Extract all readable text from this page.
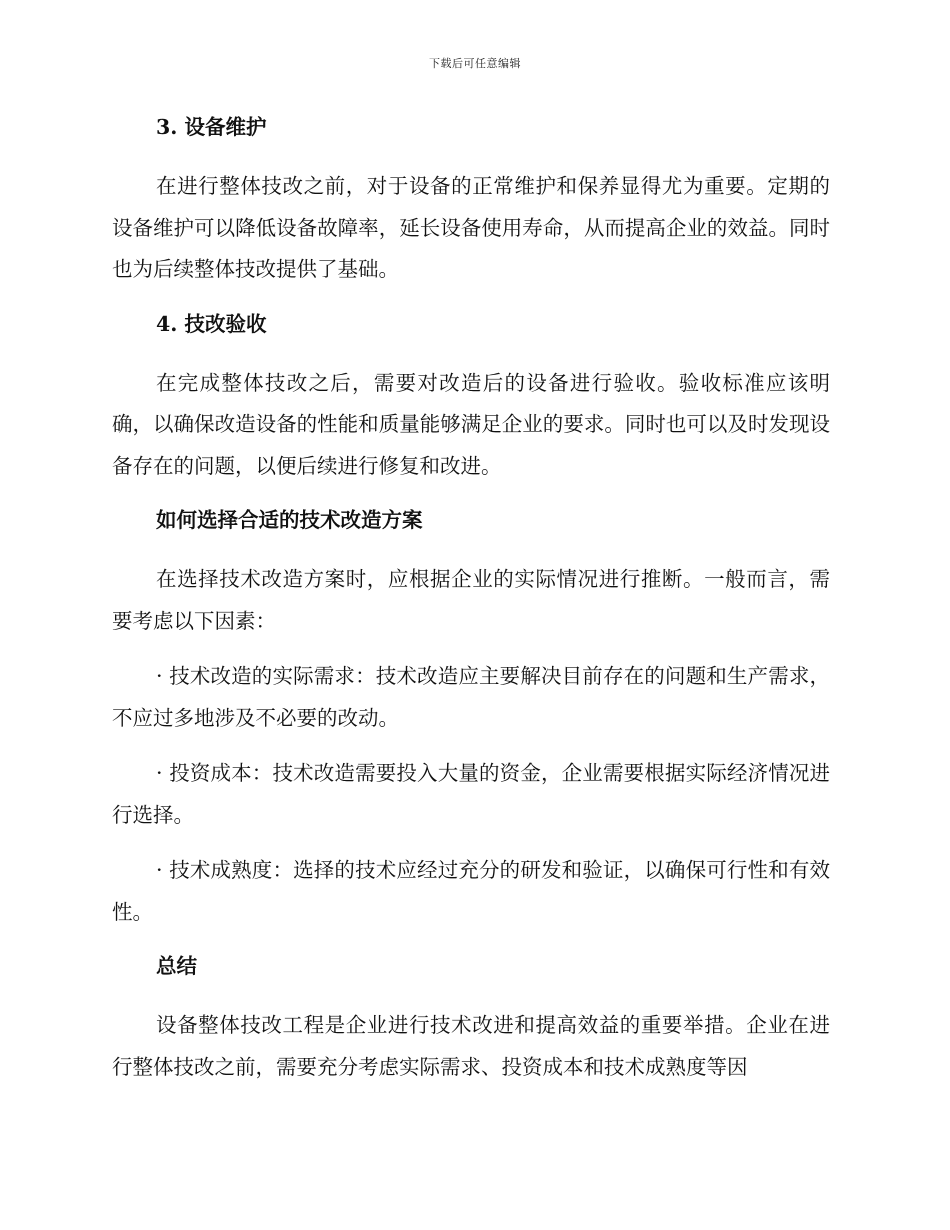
下载后可任意编辑
3. 设备维护
在进行整体技改之前，对于设备的正常维护和保养显得尤为重要。定期的设备维护可以降低设备故障率，延长设备使用寿命，从而提高企业的效益。同时也为后续整体技改提供了基础。
4. 技改验收
在完成整体技改之后，需要对改造后的设备进行验收。验收标准应该明确，以确保改造设备的性能和质量能够满足企业的要求。同时也可以及时发现设备存在的问题，以便后续进行修复和改进。
如何选择合适的技术改造方案
在选择技术改造方案时，应根据企业的实际情况进行推断。一般而言，需要考虑以下因素：
· 技术改造的实际需求：技术改造应主要解决目前存在的问题和生产需求，不应过多地涉及不必要的改动。
· 投资成本：技术改造需要投入大量的资金，企业需要根据实际经济情况进行选择。
· 技术成熟度：选择的技术应经过充分的研发和验证，以确保可行性和有效性。
总结
设备整体技改工程是企业进行技术改进和提高效益的重要举措。企业在进行整体技改之前，需要充分考虑实际需求、投资成本和技术成熟度等因
